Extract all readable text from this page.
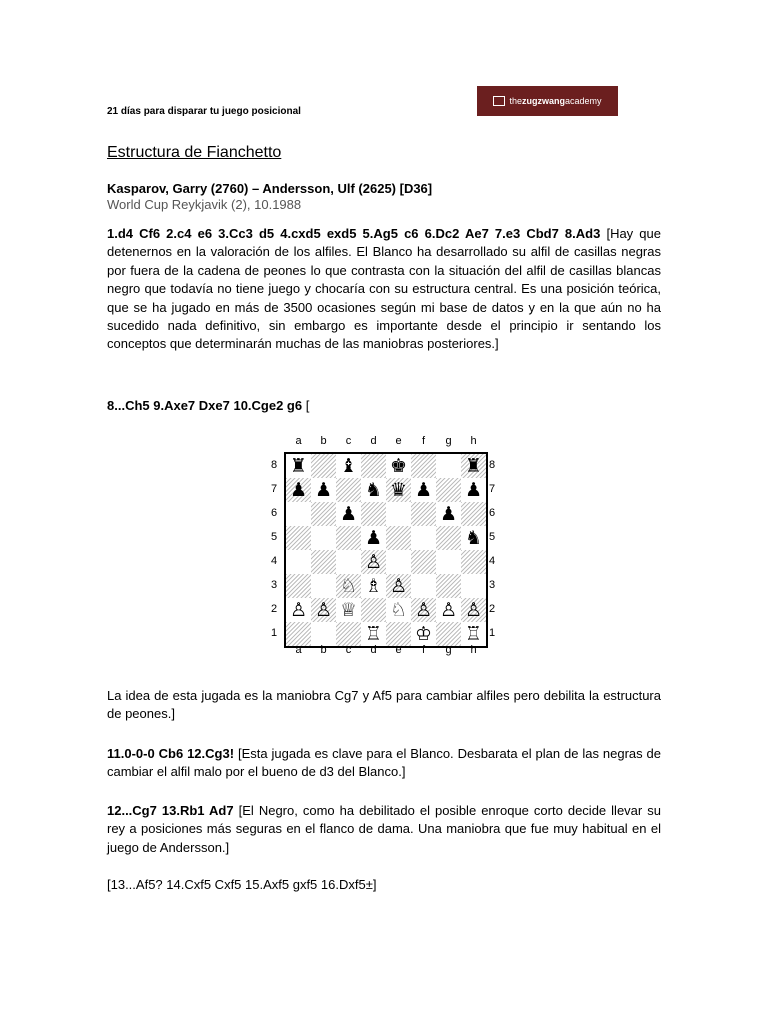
21 días para disparar tu juego posicional
the zugzwang academy
Estructura de Fianchetto
Kasparov, Garry (2760) – Andersson, Ulf (2625) [D36]
World Cup Reykjavik (2), 10.1988
1.d4 Cf6 2.c4 e6 3.Cc3 d5 4.cxd5 exd5 5.Ag5 c6 6.Dc2 Ae7 7.e3 Cbd7 8.Ad3 [Hay que detenernos en la valoración de los alfiles. El Blanco ha desarrollado su alfil de casillas negras por fuera de la cadena de peones lo que contrasta con la situación del alfil de casillas blancas negro que todavía no tiene juego y chocaría con su estructura central. Es una posición teórica, que se ha jugado en más de 3500 ocasiones según mi base de datos y en la que aún no ha sucedido nada definitivo, sin embargo es importante desde el principio ir sentando los conceptos que determinarán muchas de las maniobras posteriores.]
8...Ch5 9.Axe7 Dxe7 10.Cge2 g6 [
♜ ♝ ♚	♜
♟ ♟ ♞ ♛ ♟ ♟
♟	♟
♟	♞
♙
♘ ♗ ♙
♙ ♙ ♕ ♘ ♙ ♙ ♙
♖ ♔ ♖
a
a
b
b
c
c
d
d
e
e
f
f
g
g
h
h
8	8
7	7
6	6
5	5
4	4
3	3
2	2
1	1
La idea de esta jugada es la maniobra Cg7 y Af5 para cambiar alfiles pero debilita la estructura de peones.]
11.0-0-0 Cb6 12.Cg3! [Esta jugada es clave para el Blanco. Desbarata el plan de las negras de cambiar el alfil malo por el bueno de d3 del Blanco.]
12...Cg7 13.Rb1 Ad7 [El Negro, como ha debilitado el posible enroque corto decide llevar su rey a posiciones más seguras en el flanco de dama. Una maniobra que fue muy habitual en el juego de Andersson.]
[13...Af5? 14.Cxf5 Cxf5 15.Axf5 gxf5 16.Dxf5±]
